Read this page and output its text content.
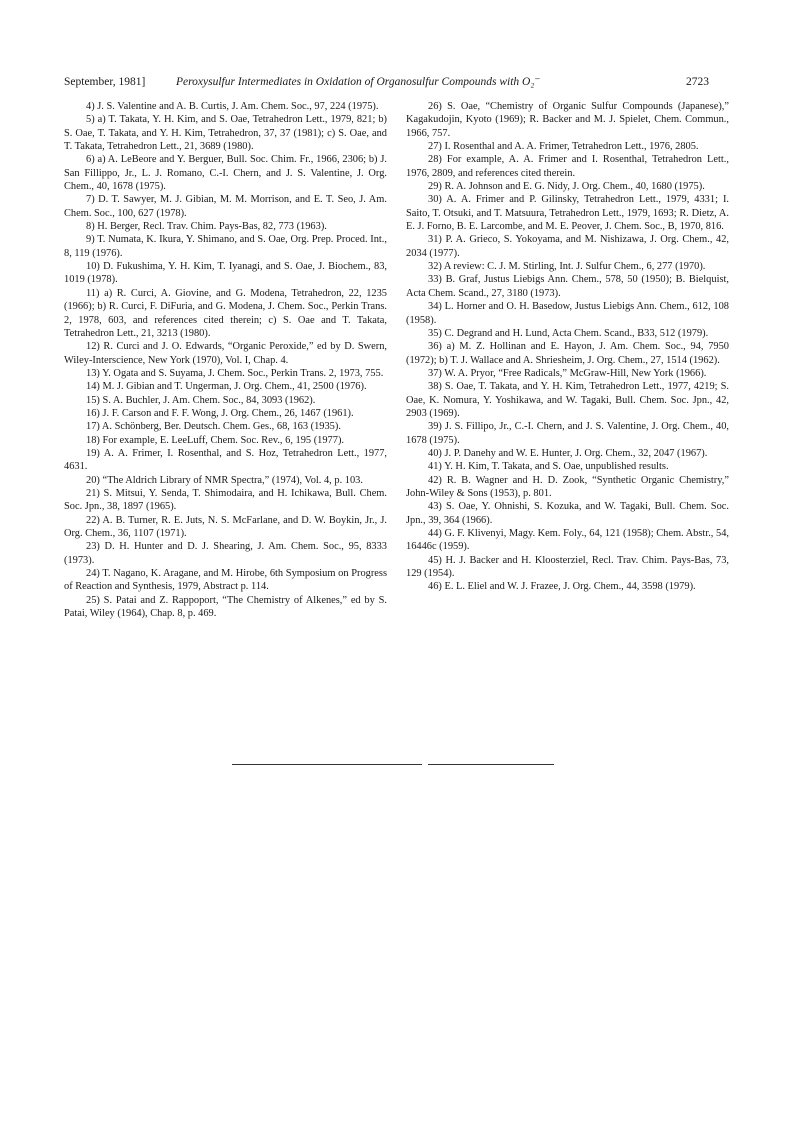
September, 1981]	Peroxysulfur Intermediates in Oxidation of Organosulfur Compounds with O₂⁻	2723

4) J. S. Valentine and A. B. Curtis, J. Am. Chem. Soc., 97, 224 (1975).

5) a) T. Takata, Y. H. Kim, and S. Oae, Tetrahedron Lett., 1979, 821; b) S. Oae, T. Takata, and Y. H. Kim, Tetrahedron, 37, 37 (1981); c) S. Oae, and T. Takata, Tetrahedron Lett., 21, 3689 (1980).

6) a) A. LeBeore and Y. Berguer, Bull. Soc. Chim. Fr., 1966, 2306; b) J. San Fillippo, Jr., L. J. Romano, C.-I. Chern, and J. S. Valentine, J. Org. Chem., 40, 1678 (1975).

7) D. T. Sawyer, M. J. Gibian, M. M. Morrison, and E. T. Seo, J. Am. Chem. Soc., 100, 627 (1978).

8) H. Berger, Recl. Trav. Chim. Pays-Bas, 82, 773 (1963).

9) T. Numata, K. Ikura, Y. Shimano, and S. Oae, Org. Prep. Proced. Int., 8, 119 (1976).

10) D. Fukushima, Y. H. Kim, T. Iyanagi, and S. Oae, J. Biochem., 83, 1019 (1978).

11) a) R. Curci, A. Giovine, and G. Modena, Tetrahedron, 22, 1235 (1966); b) R. Curci, F. DiFuria, and G. Modena, J. Chem. Soc., Perkin Trans. 2, 1978, 603, and references cited therein; c) S. Oae and T. Takata, Tetrahedron Lett., 21, 3213 (1980).

12) R. Curci and J. O. Edwards, “Organic Peroxide,” ed by D. Swern, Wiley-Interscience, New York (1970), Vol. I, Chap. 4.

13) Y. Ogata and S. Suyama, J. Chem. Soc., Perkin Trans. 2, 1973, 755.

14) M. J. Gibian and T. Ungerman, J. Org. Chem., 41, 2500 (1976).

15) S. A. Buchler, J. Am. Chem. Soc., 84, 3093 (1962).

16) J. F. Carson and F. F. Wong, J. Org. Chem., 26, 1467 (1961).

17) A. Schönberg, Ber. Deutsch. Chem. Ges., 68, 163 (1935).

18) For example, E. LeeLuff, Chem. Soc. Rev., 6, 195 (1977).

19) A. A. Frimer, I. Rosenthal, and S. Hoz, Tetrahedron Lett., 1977, 4631.

20) “The Aldrich Library of NMR Spectra,” (1974), Vol. 4, p. 103.

21) S. Mitsui, Y. Senda, T. Shimodaira, and H. Ichikawa, Bull. Chem. Soc. Jpn., 38, 1897 (1965).

22) A. B. Turner, R. E. Juts, N. S. McFarlane, and D. W. Boykin, Jr., J. Org. Chem., 36, 1107 (1971).

23) D. H. Hunter and D. J. Shearing, J. Am. Chem. Soc., 95, 8333 (1973).

24) T. Nagano, K. Aragane, and M. Hirobe, 6th Symposium on Progress of Reaction and Synthesis, 1979, Abstract p. 114.

25) S. Patai and Z. Rappoport, “The Chemistry of Alkenes,” ed by S. Patai, Wiley (1964), Chap. 8, p. 469.

26) S. Oae, “Chemistry of Organic Sulfur Compounds (Japanese),” Kagakudojin, Kyoto (1969); R. Backer and M. J. Spielet, Chem. Commun., 1966, 757.

27) I. Rosenthal and A. A. Frimer, Tetrahedron Lett., 1976, 2805.

28) For example, A. A. Frimer and I. Rosenthal, Tetrahedron Lett., 1976, 2809, and references cited therein.

29) R. A. Johnson and E. G. Nidy, J. Org. Chem., 40, 1680 (1975).

30) A. A. Frimer and P. Gilinsky, Tetrahedron Lett., 1979, 4331; I. Saito, T. Otsuki, and T. Matsuura, Tetrahedron Lett., 1979, 1693; R. Dietz, A. E. J. Forno, B. E. Larcombe, and M. E. Peover, J. Chem. Soc., B, 1970, 816.

31) P. A. Grieco, S. Yokoyama, and M. Nishizawa, J. Org. Chem., 42, 2034 (1977).

32) A review: C. J. M. Stirling, Int. J. Sulfur Chem., 6, 277 (1970).

33) B. Graf, Justus Liebigs Ann. Chem., 578, 50 (1950); B. Bielquist, Acta Chem. Scand., 27, 3180 (1973).

34) L. Horner and O. H. Basedow, Justus Liebigs Ann. Chem., 612, 108 (1958).

35) C. Degrand and H. Lund, Acta Chem. Scand., B33, 512 (1979).

36) a) M. Z. Hollinan and E. Hayon, J. Am. Chem. Soc., 94, 7950 (1972); b) T. J. Wallace and A. Shriesheim, J. Org. Chem., 27, 1514 (1962).

37) W. A. Pryor, “Free Radicals,” McGraw-Hill, New York (1966).

38) S. Oae, T. Takata, and Y. H. Kim, Tetrahedron Lett., 1977, 4219; S. Oae, K. Nomura, Y. Yoshikawa, and W. Tagaki, Bull. Chem. Soc. Jpn., 42, 2903 (1969).

39) J. S. Fillipo, Jr., C.-I. Chern, and J. S. Valentine, J. Org. Chem., 40, 1678 (1975).

40) J. P. Danehy and W. E. Hunter, J. Org. Chem., 32, 2047 (1967).

41) Y. H. Kim, T. Takata, and S. Oae, unpublished results.

42) R. B. Wagner and H. D. Zook, “Synthetic Organic Chemistry,” John-Wiley & Sons (1953), p. 801.

43) S. Oae, Y. Ohnishi, S. Kozuka, and W. Tagaki, Bull. Chem. Soc. Jpn., 39, 364 (1966).

44) G. F. Klivenyi, Magy. Kem. Foly., 64, 121 (1958); Chem. Abstr., 54, 16446c (1959).

45) H. J. Backer and H. Kloosterziel, Recl. Trav. Chim. Pays-Bas, 73, 129 (1954).

46) E. L. Eliel and W. J. Frazee, J. Org. Chem., 44, 3598 (1979).
